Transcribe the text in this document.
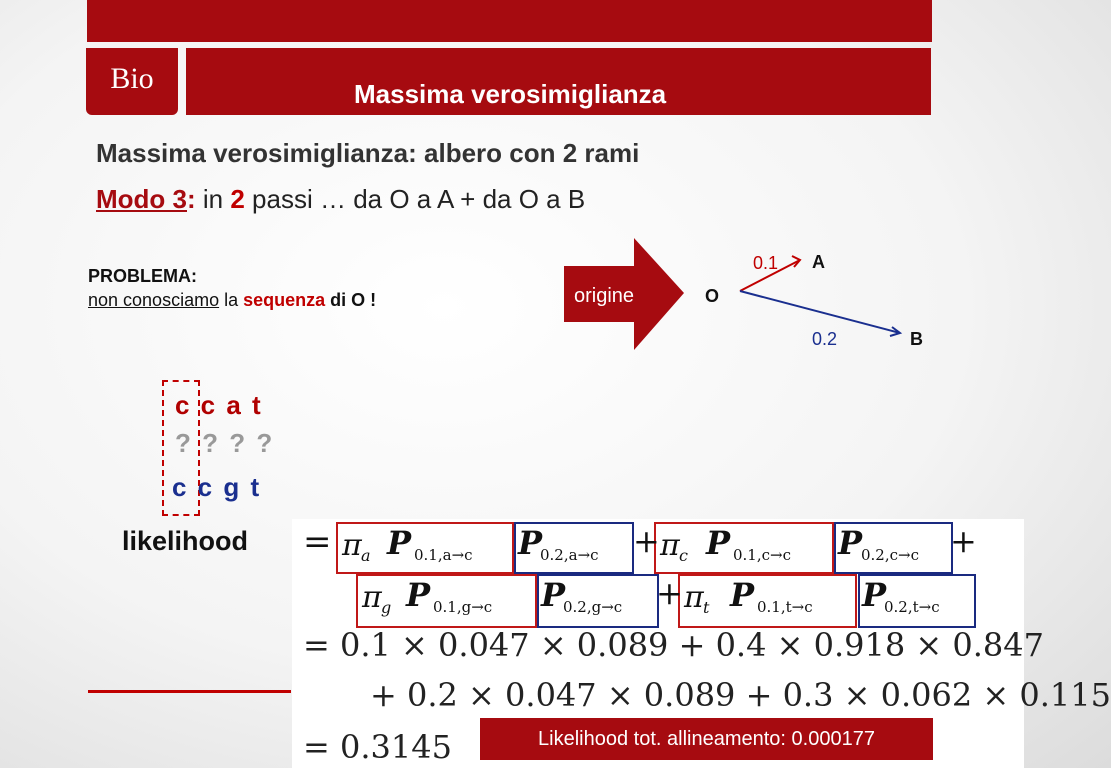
Bio	Massima verosimiglianza
Massima verosimiglianza: albero con 2 rami
Modo 3: in 2 passi … da O a A + da O a B
PROBLEMA:
non conosciamo la sequenza di O !	origine	O
0.1 A
0.2	B
c c a t
? ? ? ?
c c g t
likelihood = π a P 0.1,a→c P
0.2,a→c + π c P 0.1,c→c P
0.2,c→c +
π g P 0.1,g→c P
0.2,g→c + π t P 0.1,t→c P
0.2,t→c
= 0.1 × 0.047 × 0.089 + 0.4 × 0.918 × 0.847
+ 0.2 × 0.047 × 0.089 + 0.3 × 0.062 × 0.115
= 0.3145	Likelihood tot. allineamento: 0.000177
